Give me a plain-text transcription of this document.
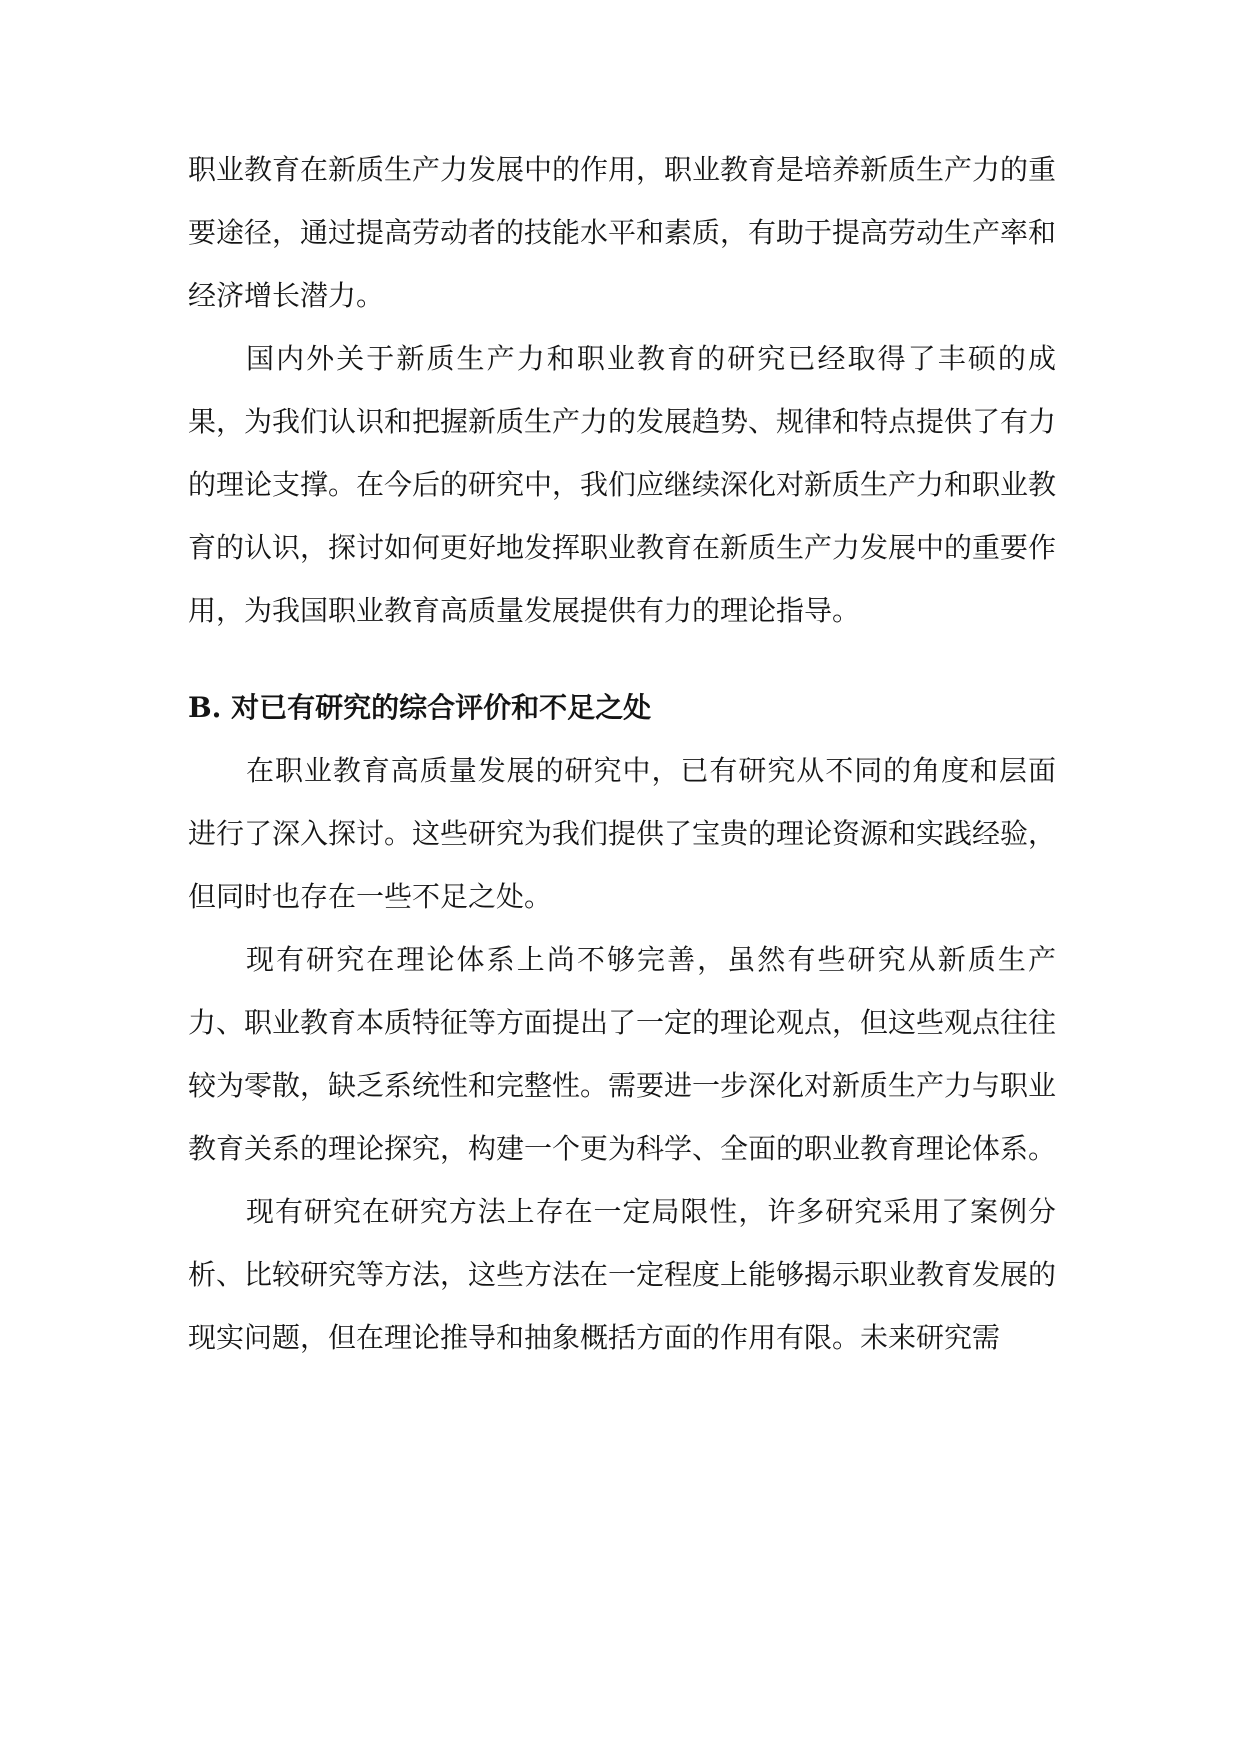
职业教育在新质生产力发展中的作用，职业教育是培养新质生产力的重要途径，通过提高劳动者的技能水平和素质，有助于提高劳动生产率和经济增长潜力。

国内外关于新质生产力和职业教育的研究已经取得了丰硕的成果，为我们认识和把握新质生产力的发展趋势、规律和特点提供了有力的理论支撑。在今后的研究中，我们应继续深化对新质生产力和职业教育的认识，探讨如何更好地发挥职业教育在新质生产力发展中的重要作用，为我国职业教育高质量发展提供有力的理论指导。

B. 对已有研究的综合评价和不足之处

在职业教育高质量发展的研究中，已有研究从不同的角度和层面进行了深入探讨。这些研究为我们提供了宝贵的理论资源和实践经验，但同时也存在一些不足之处。

现有研究在理论体系上尚不够完善，虽然有些研究从新质生产力、职业教育本质特征等方面提出了一定的理论观点，但这些观点往往较为零散，缺乏系统性和完整性。需要进一步深化对新质生产力与职业教育关系的理论探究，构建一个更为科学、全面的职业教育理论体系。

现有研究在研究方法上存在一定局限性，许多研究采用了案例分析、比较研究等方法，这些方法在一定程度上能够揭示职业教育发展的现实问题，但在理论推导和抽象概括方面的作用有限。未来研究需
